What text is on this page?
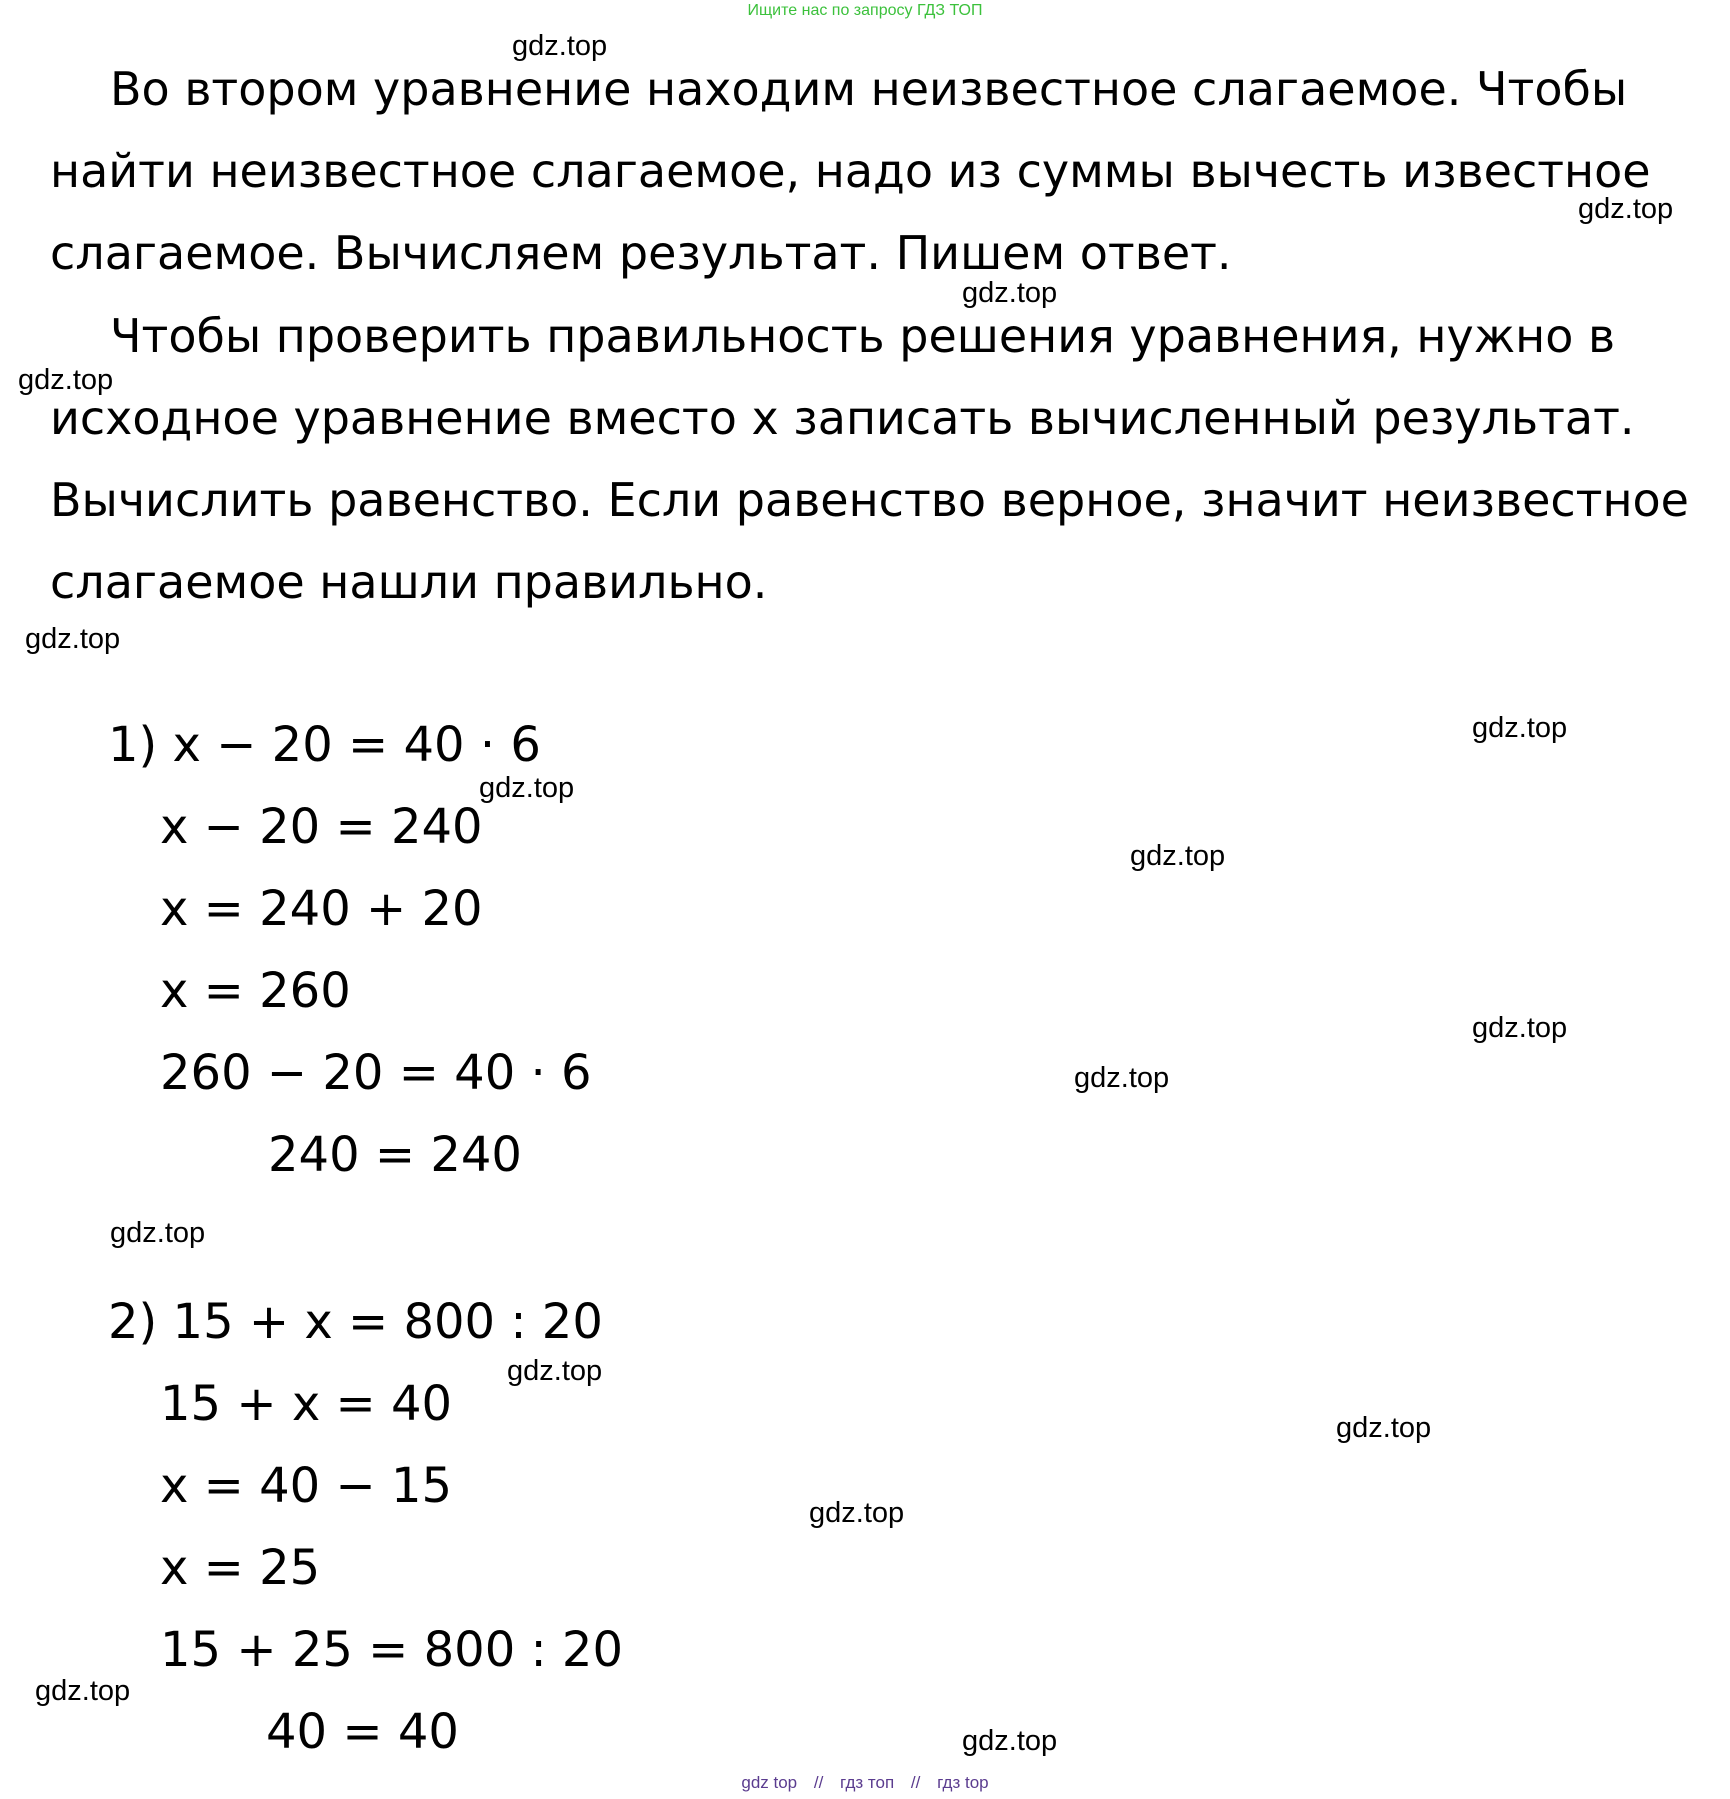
Ищите нас по запросу ГДЗ ТОП
Во втором уравнение находим неизвестное слагаемое. Чтобы найти неизвестное слагаемое, надо из суммы вычесть известное слагаемое. Вычисляем результат. Пишем ответ.
Чтобы проверить правильность решения уравнения, нужно в исходное уравнение вместо х записать вычисленный результат. Вычислить равенство. Если равенство верное, значит неизвестное слагаемое нашли правильно.
1) х − 20 = 40 · 6
х − 20 = 240
х = 240 + 20
х = 260
260 − 20 = 40 · 6
240 = 240
2) 15 + х = 800 : 20
15 + х = 40
х = 40 − 15
х = 25
15 + 25 = 800 : 20
40 = 40
gdz.top
gdz.top
gdz.top
gdz.top
gdz.top
gdz.top
gdz.top
gdz.top
gdz.top
gdz.top
gdz.top
gdz.top
gdz.top
gdz.top
gdz.top
gdz.top
gdz top // гдз топ // гдз top
